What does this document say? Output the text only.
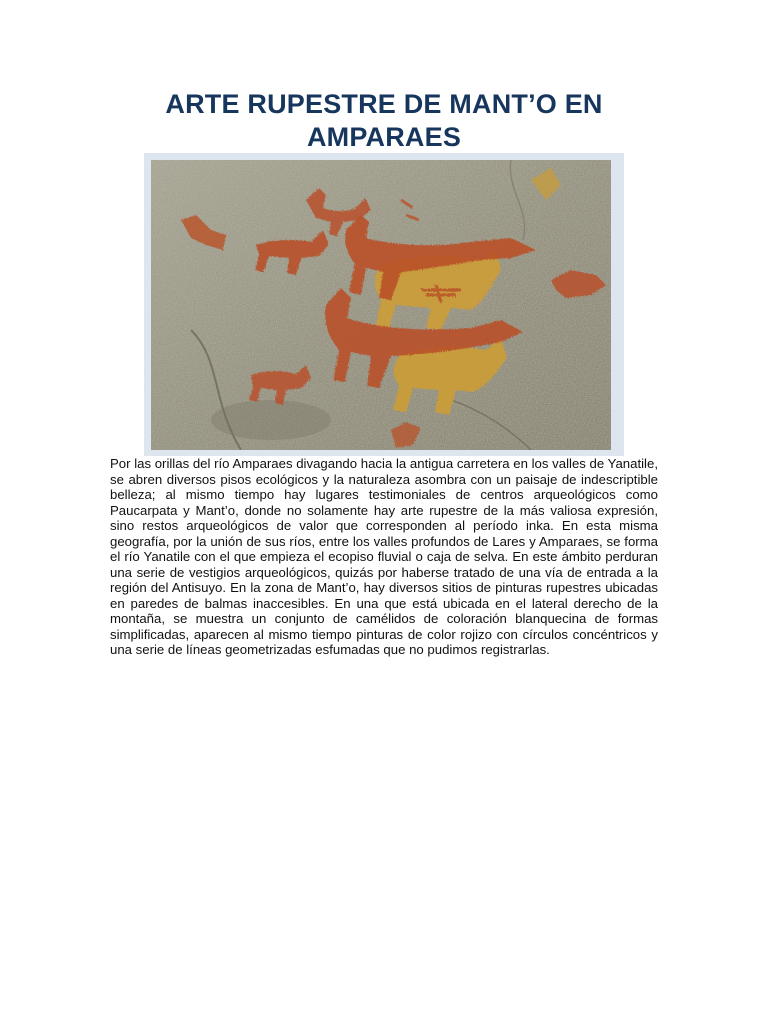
ARTE RUPESTRE DE MANT’O EN AMPARAES

Por las orillas del río Amparaes divagando hacia la antigua carretera en los valles de Yanatile, se abren diversos pisos ecológicos y la naturaleza asombra con un paisaje de indescriptible belleza; al mismo tiempo hay lugares testimoniales de centros arqueológicos como Paucarpata y Mant’o, donde no solamente hay arte rupestre de la más valiosa expresión, sino restos arqueológicos de valor que corresponden al período inka. En esta misma geografía, por la unión de sus ríos, entre los valles profundos de Lares y Amparaes, se forma el río Yanatile con el que empieza el ecopiso fluvial o caja de selva. En este ámbito perduran una serie de vestigios arqueológicos, quizás por haberse tratado de una vía de entrada a la región del Antisuyo. En la zona de Mant’o, hay diversos sitios de pinturas rupestres ubicadas en paredes de balmas inaccesibles. En una que está ubicada en el lateral derecho de la montaña, se muestra un conjunto de camélidos de coloración blanquecina de formas simplificadas, aparecen al mismo tiempo pinturas de color rojizo con círculos concéntricos y una serie de líneas geometrizadas esfumadas que no pudimos registrarlas.
